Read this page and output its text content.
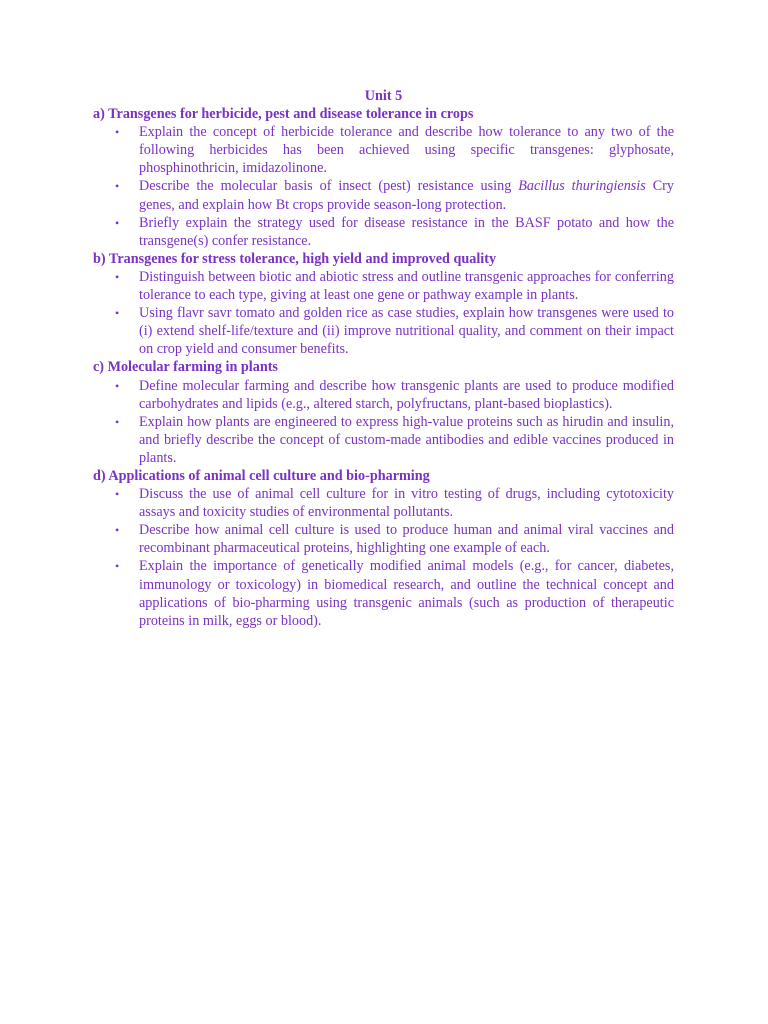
Unit 5

a) Transgenes for herbicide, pest and disease tolerance in crops

• Explain the concept of herbicide tolerance and describe how tolerance to any two of the following herbicides has been achieved using specific transgenes: glyphosate, phosphinothricin, imidazolinone.
• Describe the molecular basis of insect (pest) resistance using Bacillus thuringiensis Cry genes, and explain how Bt crops provide season-long protection.
• Briefly explain the strategy used for disease resistance in the BASF potato and how the transgene(s) confer resistance.

b) Transgenes for stress tolerance, high yield and improved quality

• Distinguish between biotic and abiotic stress and outline transgenic approaches for conferring tolerance to each type, giving at least one gene or pathway example in plants.
• Using flavr savr tomato and golden rice as case studies, explain how transgenes were used to (i) extend shelf-life/texture and (ii) improve nutritional quality, and comment on their impact on crop yield and consumer benefits.

c) Molecular farming in plants

• Define molecular farming and describe how transgenic plants are used to produce modified carbohydrates and lipids (e.g., altered starch, polyfructans, plant-based bioplastics).
• Explain how plants are engineered to express high-value proteins such as hirudin and insulin, and briefly describe the concept of custom-made antibodies and edible vaccines produced in plants.

d) Applications of animal cell culture and bio-pharming

• Discuss the use of animal cell culture for in vitro testing of drugs, including cytotoxicity assays and toxicity studies of environmental pollutants.
• Describe how animal cell culture is used to produce human and animal viral vaccines and recombinant pharmaceutical proteins, highlighting one example of each.
• Explain the importance of genetically modified animal models (e.g., for cancer, diabetes, immunology or toxicology) in biomedical research, and outline the technical concept and applications of bio-pharming using transgenic animals (such as production of therapeutic proteins in milk, eggs or blood).
